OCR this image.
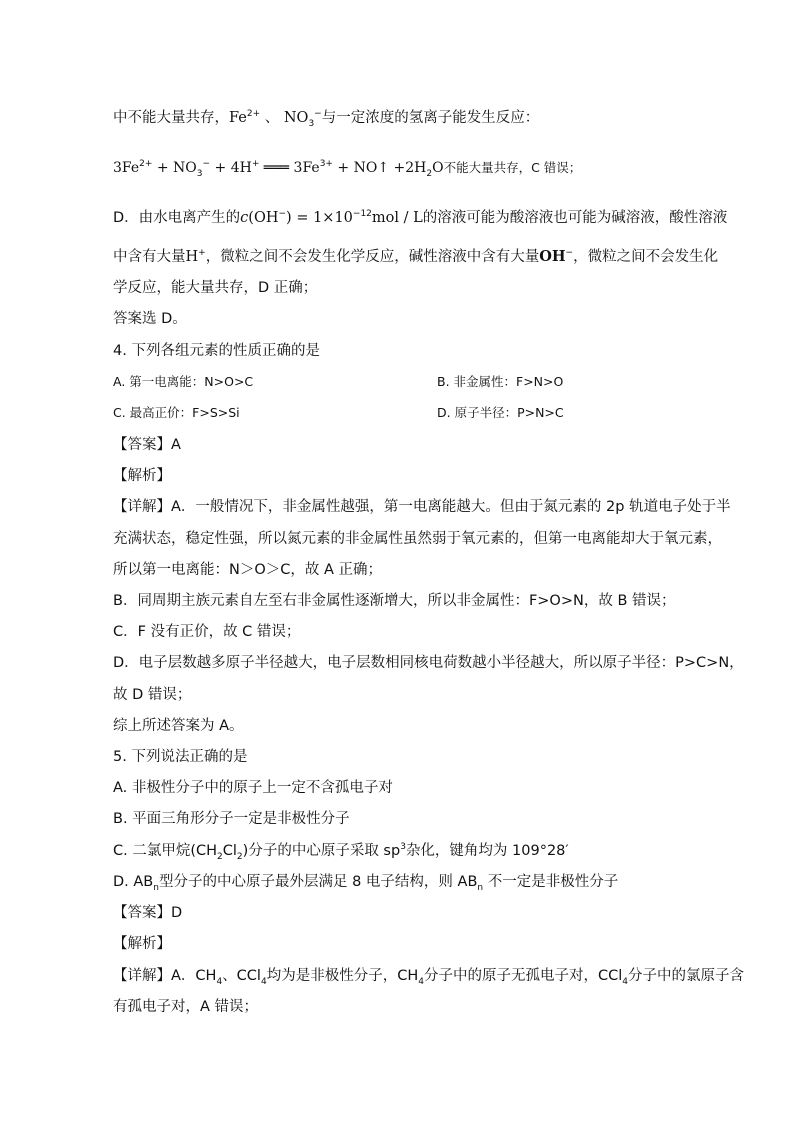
中不能大量共存，$Fe^{2+}$ 、 $NO_3^-$与一定浓度的氢离子能发生反应：
$3Fe^{2+} + NO_3^- + 4H^+$ ═══ $3Fe^{3+}$ + NO↑ $+2H_2O$不能大量共存，C 错误；
D．由水电离产生的$c(OH^-) = 1\times 10^{-12}mol / L$的溶液可能为酸溶液也可能为碱溶液，酸性溶液
中含有大量H+，微粒之间不会发生化学反应，碱性溶液中含有大量OH−，微粒之间不会发生化
学反应，能大量共存，D 正确；
答案选 D。
4. 下列各组元素的性质正确的是
A. 第一电离能：N>O>C	B. 非金属性：F>N>O
C. 最高正价：F>S>Si	D. 原子半径：P>N>C
【答案】A
【解析】
【详解】A．一般情况下，非金属性越强，第一电离能越大。但由于氮元素的 2p 轨道电子处于半
充满状态，稳定性强，所以氮元素的非金属性虽然弱于氧元素的，但第一电离能却大于氧元素，
所以第一电离能：N＞O＞C，故 A 正确；
B．同周期主族元素自左至右非金属性逐渐增大，所以非金属性：F>O>N，故 B 错误；
C．F 没有正价，故 C 错误；
D．电子层数越多原子半径越大，电子层数相同核电荷数越小半径越大，所以原子半径：P>C>N，
故 D 错误；
综上所述答案为 A。
5. 下列说法正确的是
A. 非极性分子中的原子上一定不含孤电子对
B. 平面三角形分子一定是非极性分子
C. 二氯甲烷$(CH_2Cl_2)$分子的中心原子采取 $sp^3$杂化，键角均为 109°28′
D. $AB_n$型分子的中心原子最外层满足 8 电子结构，则 $AB_n$ 不一定是非极性分子
【答案】D
【解析】
【详解】A．$CH_4$、CCl$_4$均为是非极性分子，$CH_4$分子中的原子无孤电子对，CCl$_4$分子中的氯原子含
有孤电子对，A 错误；
